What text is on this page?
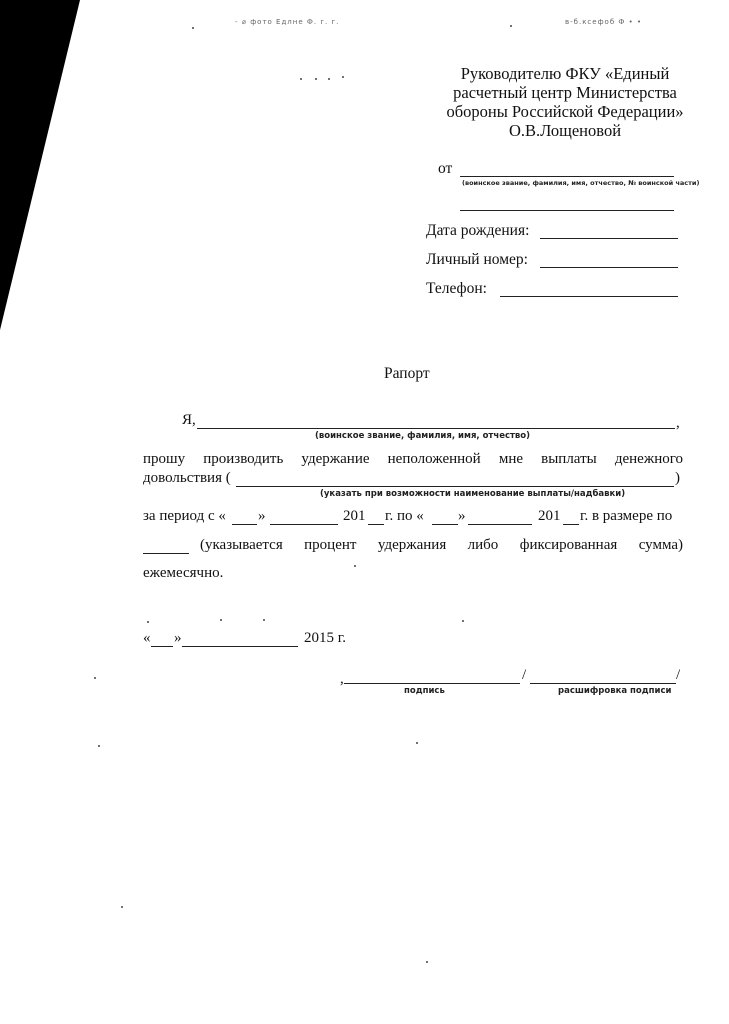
- ⌀ фото Едлне Ф. г. г.	в-б.ксефоб Ф • •
Руководителю ФКУ «Единый
расчетный центр Министерства
обороны Российской Федерации»
О.В.Лощеновой
от
(воинское звание, фамилия, имя, отчество, № воинской части)
Дата рождения:
Личный номер:
Телефон:
Рапорт
Я,	,
(воинское звание, фамилия, имя, отчество)
прошу производить удержание неположенной мне выплаты денежного
довольствия (	)
(указать при возможности наименование выплаты/надбавки)
за период с « »	201 г. по « »	201 г. в размере по
(указывается процент удержания либо фиксированная сумма)
ежемесячно.
« »	2015 г.
,	/	/
подпись	расшифровка подписи
